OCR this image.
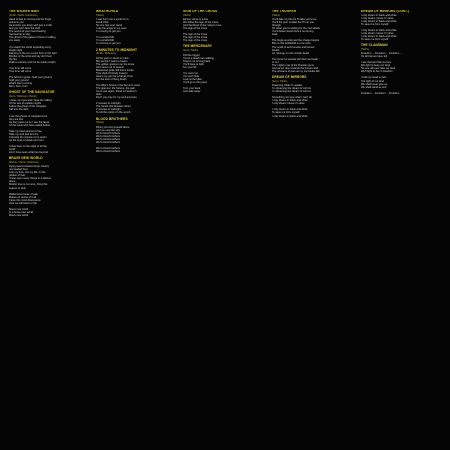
THE WICKER MAN
(Smith / Harris / Dickinson)
Hand of fate is moving and the finger
points to you
He knocks you down with just a smile
and you can't face the truth
The sound of your heart beating
hammering to sag
The ghost of the gates of doom is calling
you away

You watch the world exploding every
single night
Dancing in the sun a new born in the light
Brother of the wind and sky don't feel
the fire
Walk to eternity and not be ready tonight

Your time will come
Your time will come

The fall from grace, hold your ground,
hold your ground
Watch them running
Burn, burn, burn
GHOST OF THE NAVIGATOR
(Gers / Dickinson / Harris)
I close my eyes and I hear the calling
Of the sea of endless nights
Follow the ghost of the navigator
Sail into the dark

I see the ghosts of navigators but
they are lost
As they pass me by I see the faces
Of the souls who have sailed before

Take my heart and set it free
Take my soul and let it be
Crossing the oceans of no return
As the eyes of dead men burn

I have been to the edge of all the
world
And I have seen what lies beyond
BRAVE NEW WORLD
(Murray / Harris / Dickinson)
Dying swans twisted wings, beauty
not needed here
Lost my love, lost my life, in this
garden of fear
I have seen many things in a lifetime
alone
Mother love is no more, bring this
season to dust

Wilderness house of pain
Makes no sense of it all
Close this mind dissonance
How we will stand or fall

Brave new world
In a brave new world
Brave new world
WRATHCHILD
(Harris)
I was born into a world of no
loved child
No one has ever cared
I see the anger in my eyes
I'm coming to get you

I'm a wrathchild
I'm a wrathchild
I'm coming to get you
2 MINUTES TO MIDNIGHT
(Smith / Dickinson)
Kill for gain or shoot to maim
But we don't need a reason
The golden goose is on the loose
And never out of season
Blackened pride still burns inside
This shell of bloody treason
Here's my gun for a barrel of fun
For the love of living death

The killer's breed or the demon's seed
The glamour, the fortune, the pain
Go to war again, blood is freedom's
stain
Don't you pray for my soul anymore

2 minutes to midnight
The hands that threaten doom
2 minutes to midnight
To kill the unborn in the womb
BLOOD BROTHERS
(Harris)
When you find yourself alone
And you wonder why
We're blood brothers
We're blood brothers
We're blood brothers
We're blood brothers

We're blood brothers
We're blood brothers
SIGN OF THE CROSS
(Harris)
Eleven saints in a line
We follow the sign of the cross
And the blood of the martyrs runs
The sign of the cross

The sign of the cross
The sign of the cross
The sign of the cross
THE MERCENARY
(Gers / Harris)
Pull the trigger
You're a dead man walking
There's no turning back
You'll have to fight
For your life

You can't run
You can't hide
Look at the killer
You'll go to the grave

Turn your back
And walk away
THE TROOPER
(Harris)
You'll take my life but I'll take yours too
You'll fire your musket but I'll run you
through
So when you're waiting for the next attack
You'd better stand there's no turning
back

The bugle sounds and the charge begins
But on this battlefield no one wins
The smell of acrid smoke and horses'
breath
As I plunge on into certain death

The horse he sweats with fear we break
to run
The mighty roar of the Russian guns
And as we race towards the human wall
The screams of pain as my comrades fall
DREAM OF MIRRORS
(Gers / Harris)
Dreaming while I'm awake
I'm dreaming the dream of mirrors
I'm dreaming the dream of mirrors

Something not sure what I can't do
I only dream in black and white
I only dream 'cause I'm alive

I only dream in black and white
To save me from myself
I only dream in black and white
DREAM OF MIRRORS (CONT.)
I only dream in black and white
I only dream 'cause I'm alive
I only dream in black and white
To save me from myself

I only dream in black and white
I only dream 'cause I'm alive
I only dream in black and white
To save me from myself
THE CLANSMAN
(Harris)
Freedom ... Freedom ... Freedom ...
It's all that we have left

I see the land that we love
We fight to keep our land
No one will ever take our land
We'll fight to live in freedom

I hold my head in pain
The light of our land
We shall never give up
We shall stand as one

Freedom ... Freedom ... Freedom
